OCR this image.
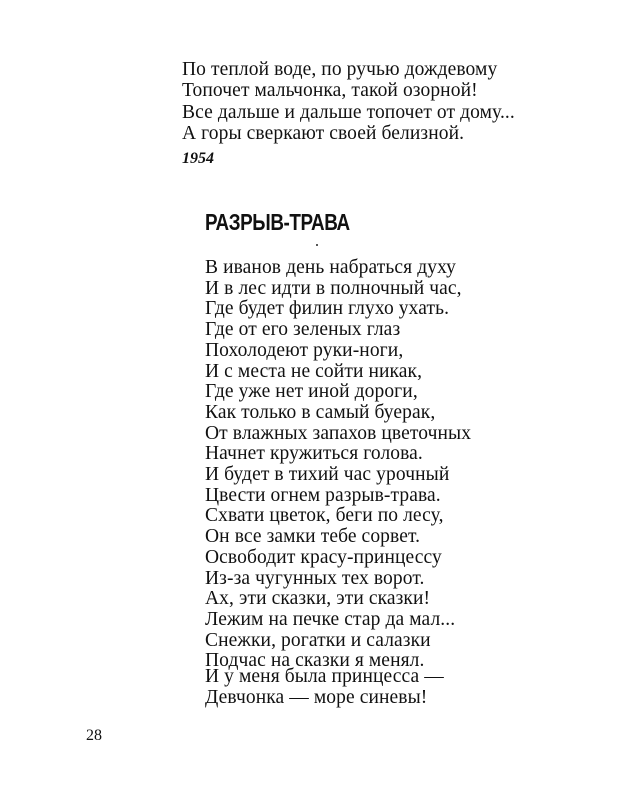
По теплой воде, по ручью дождевому
Топочет мальчонка, такой озорной!
Все дальше и дальше топочет от дому...
А горы сверкают своей белизной.
1954
РАЗРЫВ-ТРАВА
В иванов день набраться духу
И в лес идти в полночный час,
Где будет филин глухо ухать.
Где от его зеленых глаз
Похолодеют руки-ноги,
И с места не сойти никак,
Где уже нет иной дороги,
Как только в самый буерак,
От влажных запахов цветочных
Начнет кружиться голова.
И будет в тихий час урочный
Цвести огнем разрыв-трава.
Схвати цветок, беги по лесу,
Он все замки тебе сорвет.
Освободит красу-принцессу
Из-за чугунных тех ворот.
Ах, эти сказки, эти сказки!
Лежим на печке стар да мал...
Снежки, рогатки и салазки
Подчас на сказки я менял.
И у меня была принцесса —
Девчонка — море синевы!
28
